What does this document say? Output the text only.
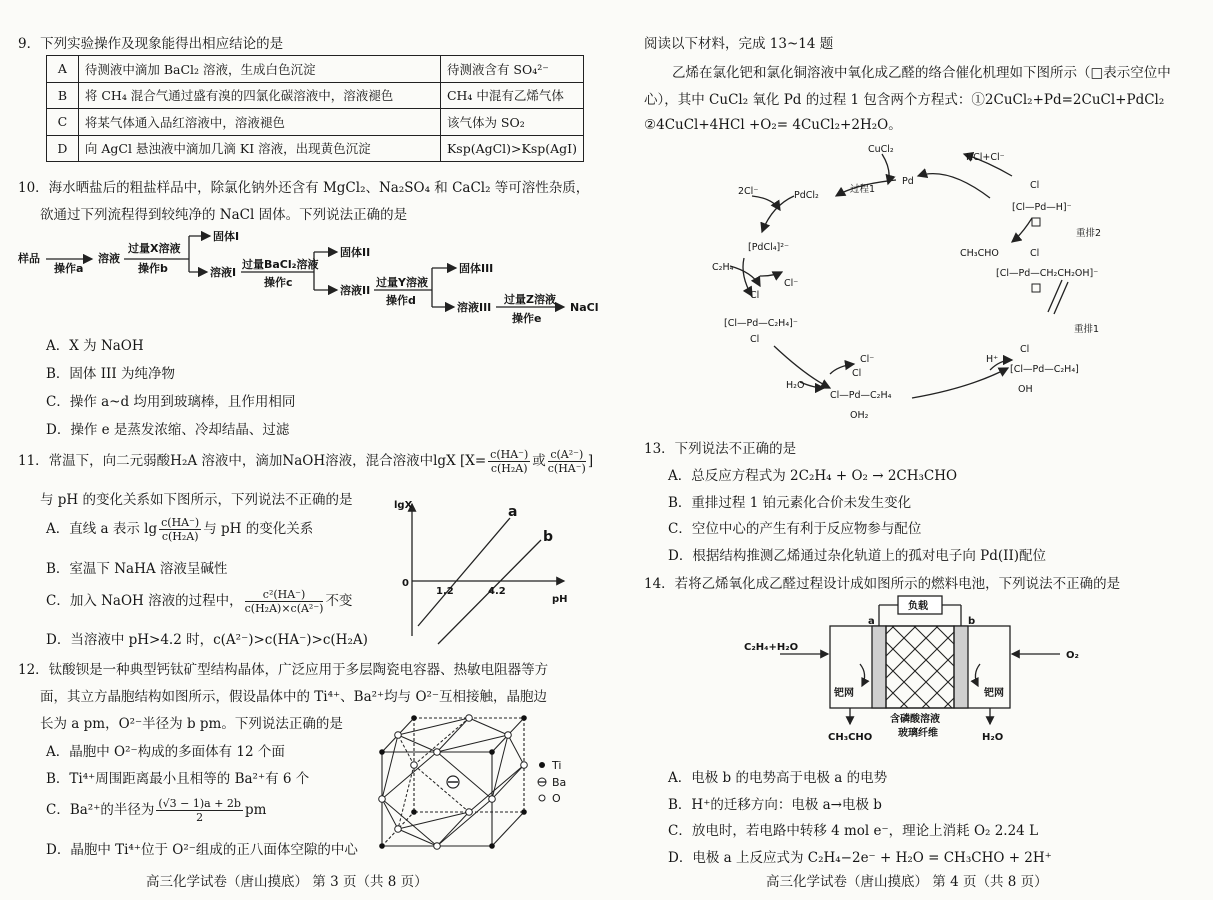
9．下列实验操作及现象能得出相应结论的是
A	待测液中滴加 BaCl₂ 溶液，生成白色沉淀	待测液含有 SO₄²⁻
B	将 CH₄ 混合气通过盛有溴的四氯化碳溶液中，溶液褪色	CH₄ 中混有乙烯气体
C	将某气体通入品红溶液中，溶液褪色	该气体为 SO₂
D	向 AgCl 悬浊液中滴加几滴 KI 溶液，出现黄色沉淀	Ksp(AgCl)>Ksp(AgI)
10．海水晒盐后的粗盐样品中，除氯化钠外还含有 MgCl₂、Na₂SO₄ 和 CaCl₂ 等可溶性杂质，
欲通过下列流程得到较纯净的 NaCl 固体。下列说法正确的是
样品
操作a
溶液
过量X溶液
操作b
固体I
溶液I
过量BaCl₂溶液
操作c
固体II
溶液II
过量Y溶液
操作d
固体III
溶液III
过量Z溶液
操作e
NaCl
A．X 为 NaOH
B．固体 III 为纯净物
C．操作 a~d 均用到玻璃棒，且作用相同
D．操作 e 是蒸发浓缩、冷却结晶、过滤
11．常温下，向二元弱酸H₂A 溶液中，滴加NaOH溶液，混合溶液中lgX [$X= \frac{c(HA^-)}{\text{c(H₂A)}}$ 或 $\frac{\text{c(A²⁻)}}{c(HA^-)}$ ]
与 pH 的变化关系如下图所示，下列说法不正确的是
A．直线 a 表示 $\lg \frac{c(HA^-)}{\text{c(H₂A)}}$ 与 pH 的变化关系
B．室温下 NaHA 溶液呈碱性
C．加入 NaOH 溶液的过程中， $\frac{\text{c²(HA⁻)}}{\text{c(H₂A)×c(A²⁻)}}$ 不变
D．当溶液中 pH>4.2 时，c(A²⁻)>c(HA⁻)>c(H₂A)
lgX
0
1.2	4.2
pH
a
b
12．钛酸钡是一种典型钙钛矿型结构晶体，广泛应用于多层陶瓷电容器、热敏电阻器等方
面，其立方晶胞结构如图所示，假设晶体中的 Ti⁴⁺、Ba²⁺均与 O²⁻互相接触，晶胞边
长为 a pm，O²⁻半径为 b pm。下列说法正确的是
A．晶胞中 O²⁻构成的多面体有 12 个面
B．Ti⁴⁺周围距离最小且相等的 Ba²⁺有 6 个
C．Ba²⁺的半径为 $\frac{(√3 - 1)a + 2b}{2}$ pm
D．晶胞中 Ti⁴⁺位于 O²⁻组成的正八面体空隙的中心
Ti
Ba
O
高三化学试卷（唐山摸底） 第 3 页（共 8 页）
阅读以下材料，完成 13~14 题
乙烯在氯化钯和氯化铜溶液中氧化成乙醛的络合催化机理如下图所示（□表示空位中
心），其中 CuCl₂ 氧化 Pd 的过程 1 包含两个方程式：①2CuCl₂+Pd=2CuCl+PdCl₂
②4CuCl+4HCl +O₂= 4CuCl₂+2H₂O。
CuCl₂
过程1
Pd
HCl+Cl⁻
PdCl₂
2Cl⁻
[PdCl₄]²⁻
C₂H₄
Cl⁻
Cl
[Cl—Pd—C₂H₄]⁻
Cl
Cl⁻
H₂O
Cl
Cl—Pd—C₂H₄
OH₂
H⁺
Cl
[Cl—Pd—C₂H₄]
OH
重排1
Cl
[Cl—Pd—H]⁻
重排2
CH₃CHO	Cl
[Cl—Pd—CH₂CH₂OH]⁻
13．下列说法不正确的是
A．总反应方程式为 2C₂H₄ + O₂ → 2CH₃CHO
B．重排过程 1 铂元素化合价未发生变化
C．空位中心的产生有利于反应物参与配位
D．根据结构推测乙烯通过杂化轨道上的孤对电子向 Pd(II)配位
14．若将乙烯氧化成乙醛过程设计成如图所示的燃料电池，下列说法不正确的是
负载
a	b
C₂H₄+H₂O
O₂
钯网	钯网
CH₃CHO	H₂O
含磷酸溶液
玻璃纤维
A．电极 b 的电势高于电极 a 的电势
B．H⁺的迁移方向：电极 a→电极 b
C．放电时，若电路中转移 4 mol e⁻，理论上消耗 O₂ 2.24 L
D．电极 a 上反应式为 C₂H₄−2e⁻ + H₂O = CH₃CHO + 2H⁺
高三化学试卷（唐山摸底） 第 4 页（共 8 页）
